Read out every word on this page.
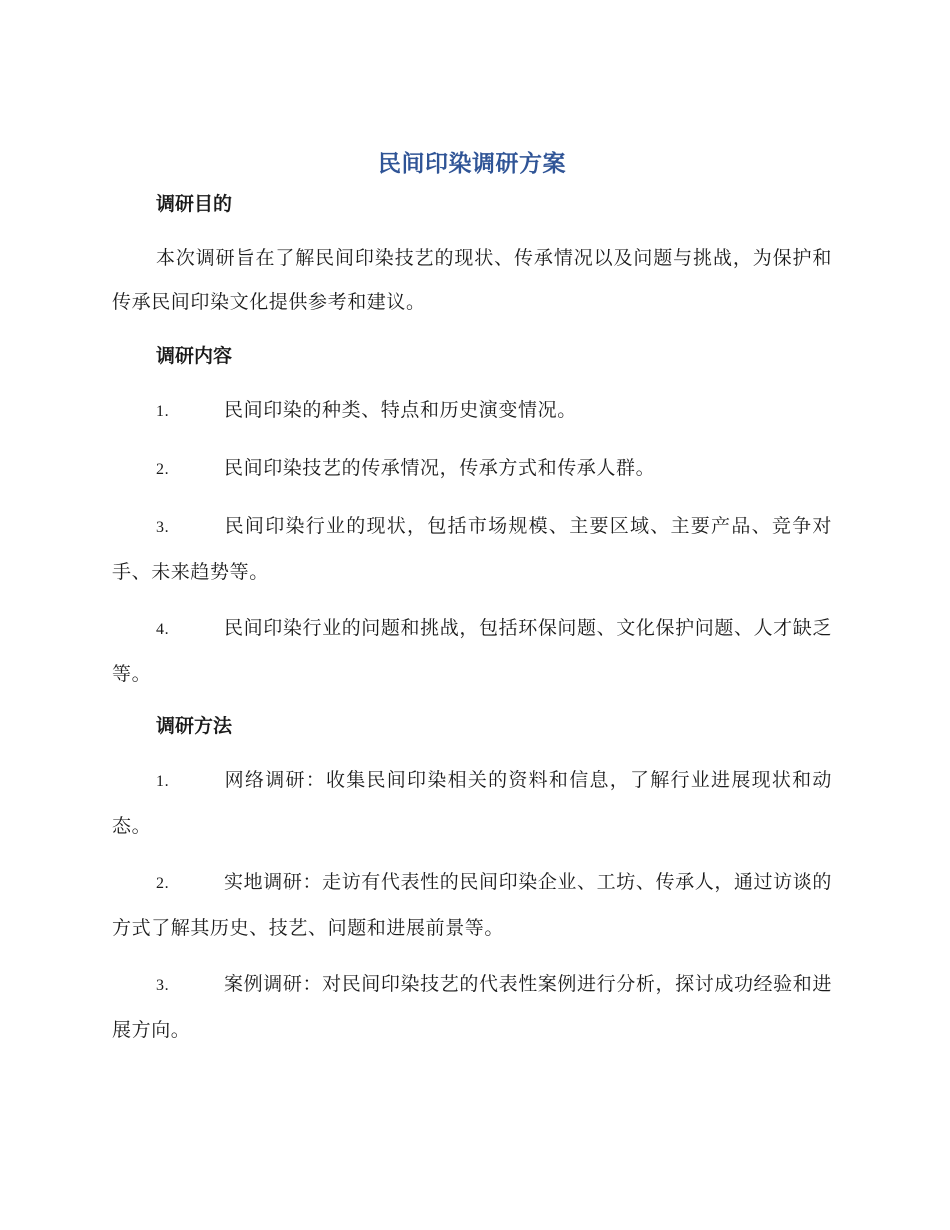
民间印染调研方案
调研目的

本次调研旨在了解民间印染技艺的现状、传承情况以及问题与挑战，为保护和传承民间印染文化提供参考和建议。

调研内容
1.	民间印染的种类、特点和历史演变情况。
2.	民间印染技艺的传承情况，传承方式和传承人群。
3.	民间印染行业的现状，包括市场规模、主要区域、主要产品、竞争对手、未来趋势等。
4.	民间印染行业的问题和挑战，包括环保问题、文化保护问题、人才缺乏等。
调研方法
1.	网络调研：收集民间印染相关的资料和信息，了解行业进展现状和动态。
2.	实地调研：走访有代表性的民间印染企业、工坊、传承人，通过访谈的方式了解其历史、技艺、问题和进展前景等。
3.	案例调研：对民间印染技艺的代表性案例进行分析，探讨成功经验和进展方向。
